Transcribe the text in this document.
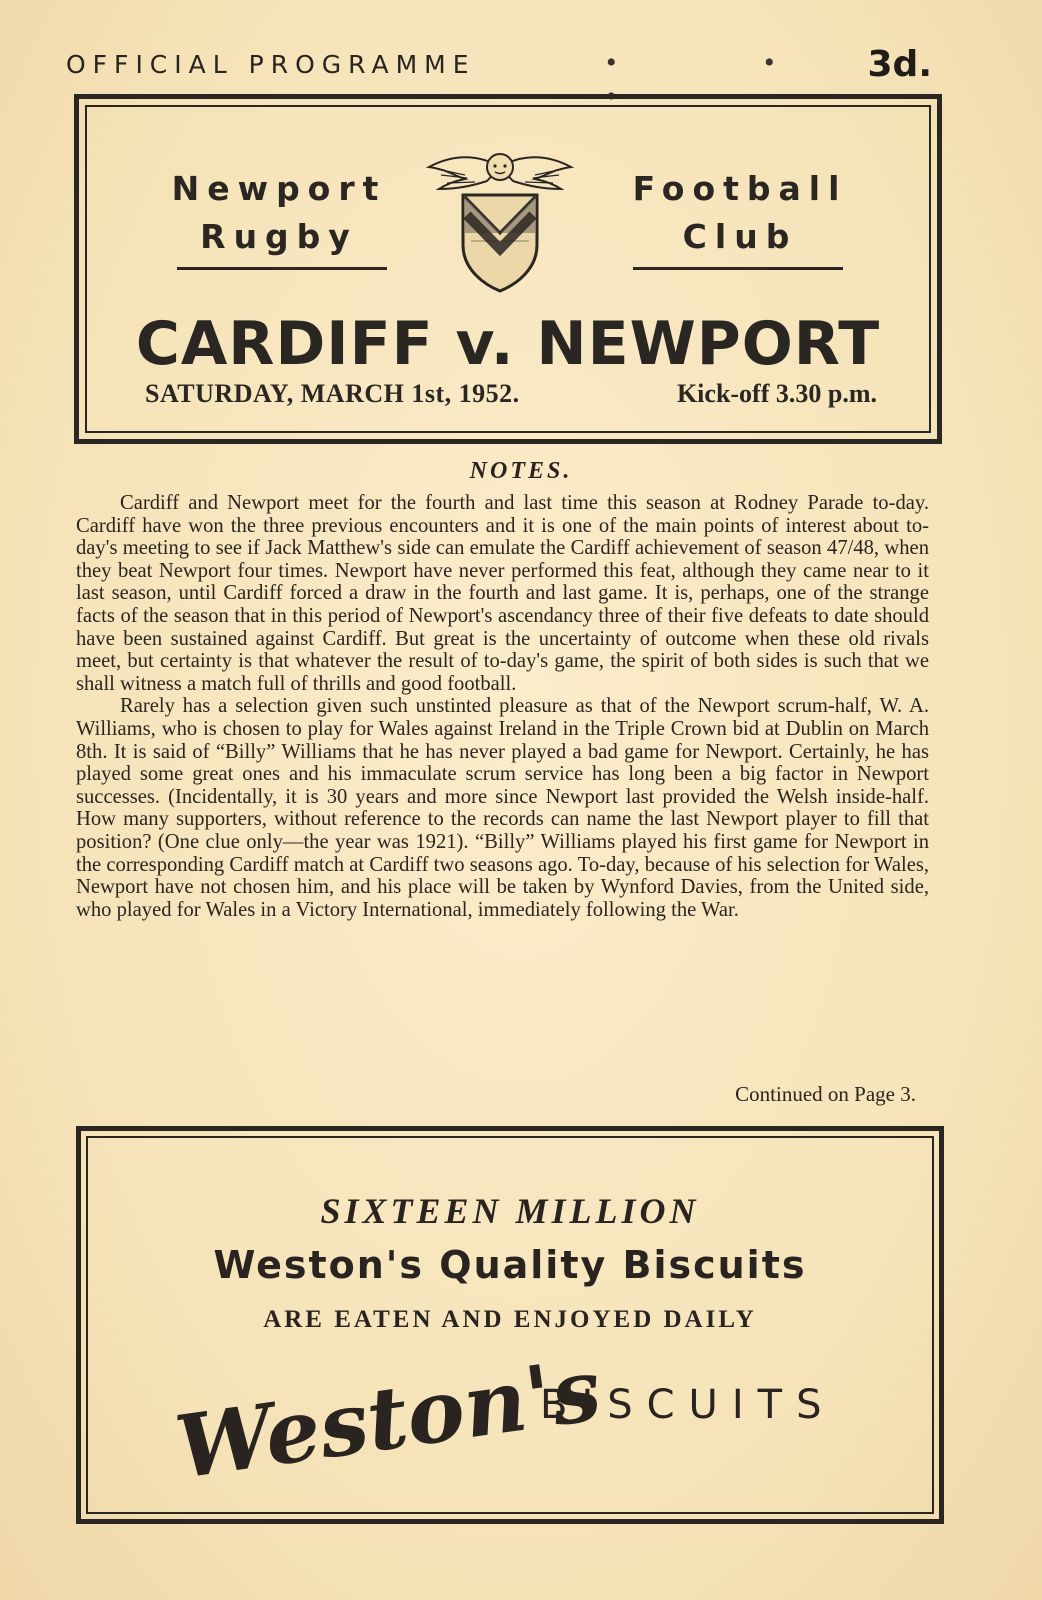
OFFICIAL PROGRAMME	• • •
3d.
Newport
Rugby
Football
Club
CARDIFF v. NEWPORT
SATURDAY, MARCH 1st, 1952.	Kick-off 3.30 p.m.
NOTES.

Cardiff and Newport meet for the fourth and last time this season at Rodney Parade to-day. Cardiff have won the three previous encounters and it is one of the main points of interest about to-day's meeting to see if Jack Matthew's side can emulate the Cardiff achievement of season 47/48, when they beat Newport four times. Newport have never performed this feat, although they came near to it last season, until Cardiff forced a draw in the fourth and last game. It is, perhaps, one of the strange facts of the season that in this period of Newport's ascendancy three of their five defeats to date should have been sustained against Cardiff. But great is the uncertainty of outcome when these old rivals meet, but certainty is that whatever the result of to-day's game, the spirit of both sides is such that we shall witness a match full of thrills and good football.

Rarely has a selection given such unstinted pleasure as that of the Newport scrum-half, W. A. Williams, who is chosen to play for Wales against Ireland in the Triple Crown bid at Dublin on March 8th. It is said of “Billy” Williams that he has never played a bad game for Newport. Certainly, he has played some great ones and his immaculate scrum service has long been a big factor in Newport successes. (Incidentally, it is 30 years and more since Newport last provided the Welsh inside-half. How many supporters, without reference to the records can name the last Newport player to fill that position? (One clue only—the year was 1921). “Billy” Williams played his first game for Newport in the corresponding Cardiff match at Cardiff two seasons ago. To-day, because of his selection for Wales, Newport have not chosen him, and his place will be taken by Wynford Davies, from the United side, who played for Wales in a Victory International, immediately following the War.

Continued on Page 3.
SIXTEEN MILLION
Weston's Quality Biscuits
ARE EATEN AND ENJOYED DAILY
Weston's
BISCUITS
